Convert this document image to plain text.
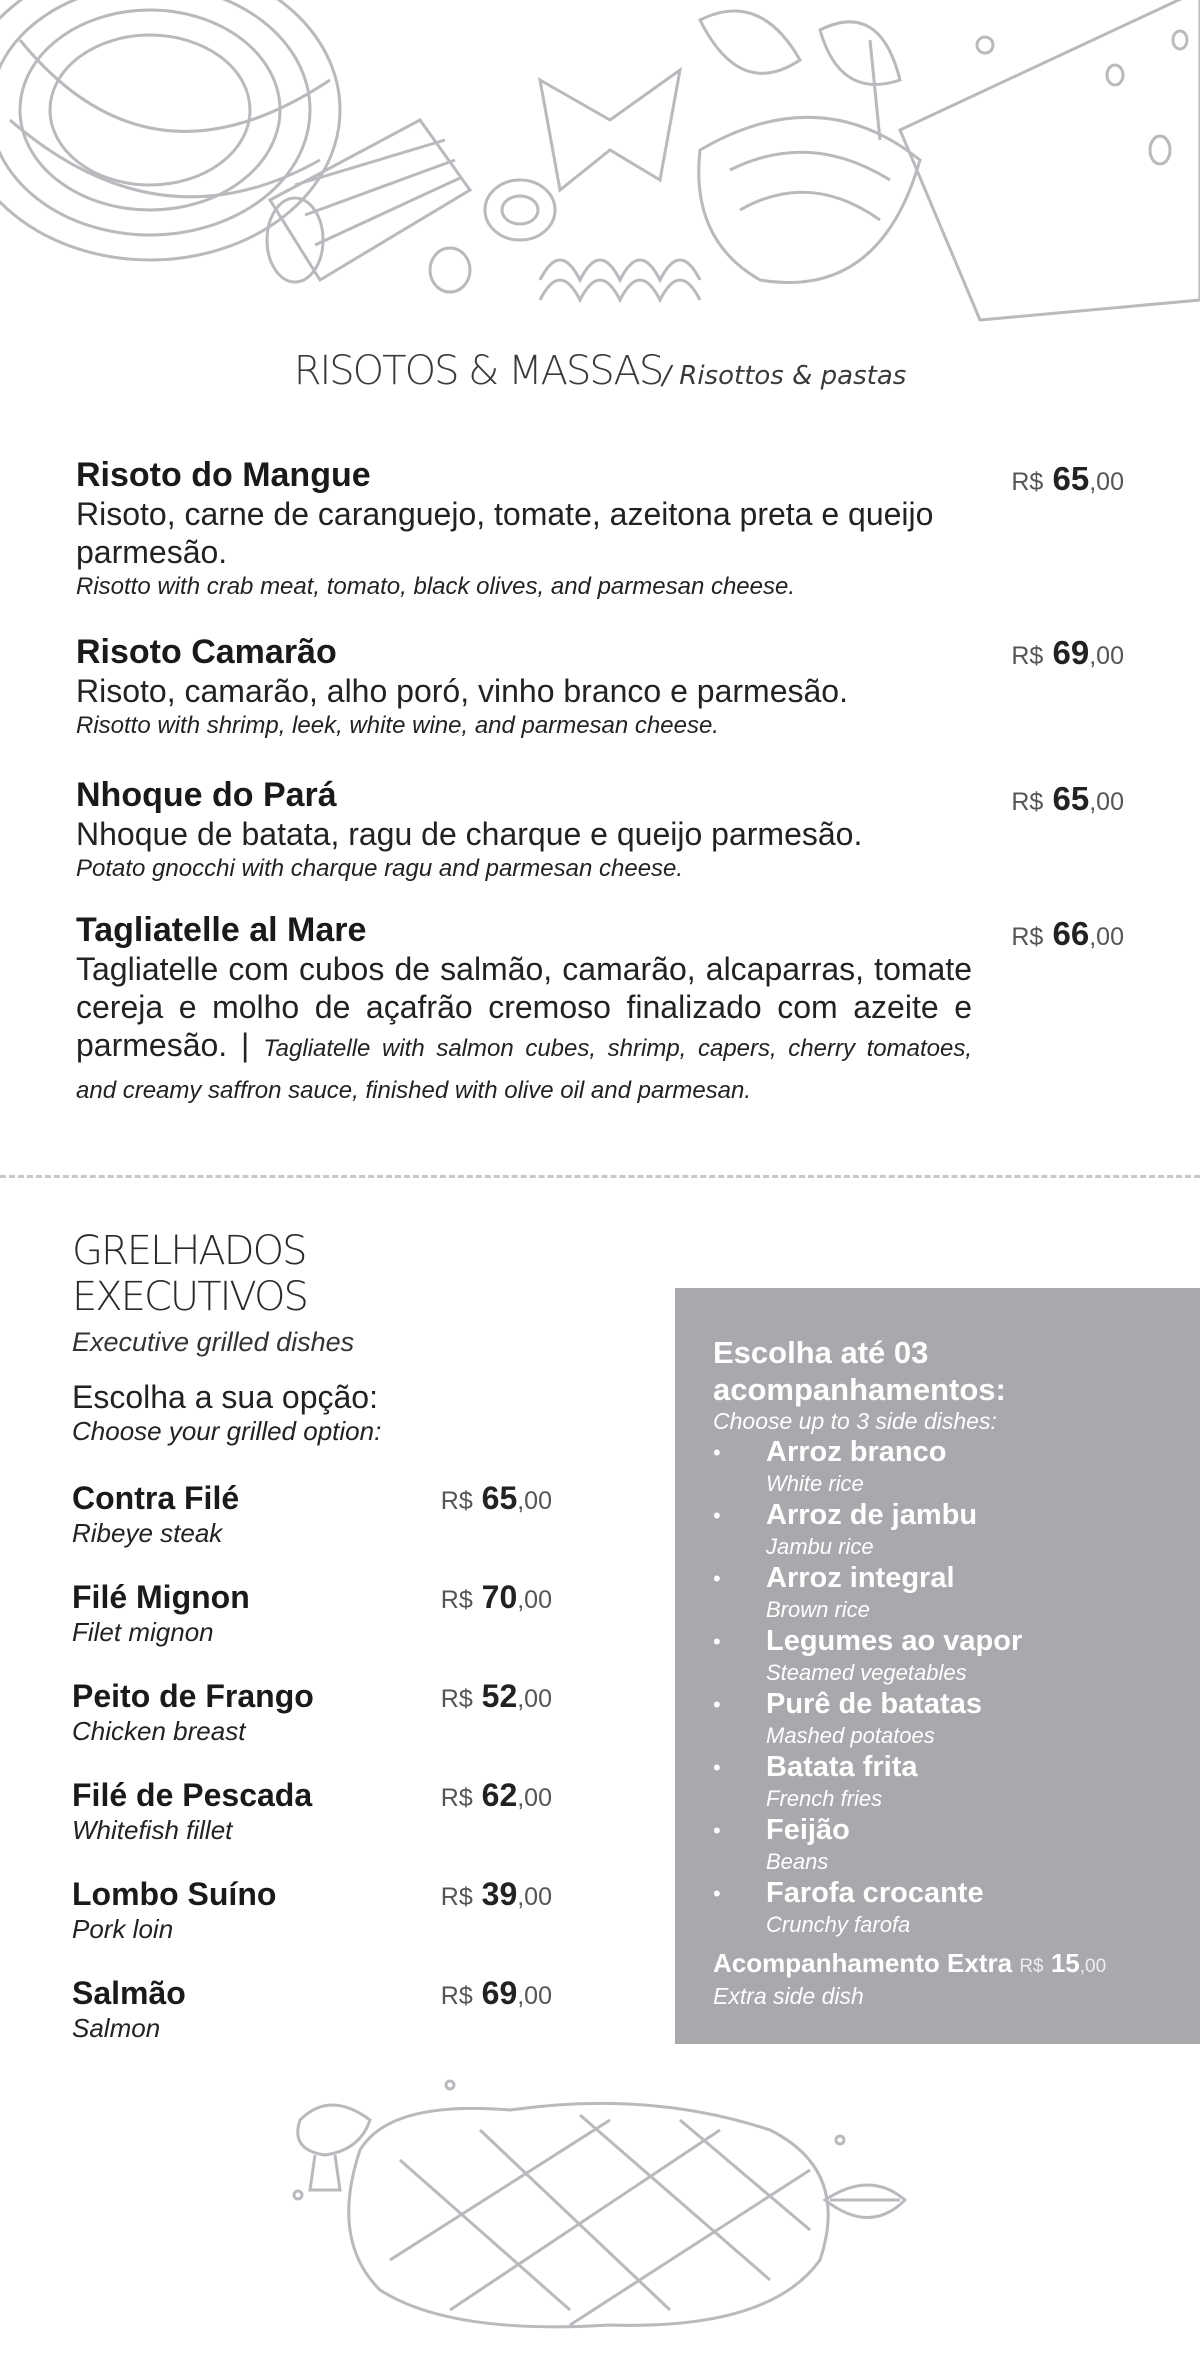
RISOTOS & MASSAS/ Risottos & pastas
Risoto do Mangue
Risoto, carne de caranguejo, tomate, azeitona preta e queijo parmesão.
Risotto with crab meat, tomato, black olives, and parmesan cheese.
R$ 65,00
Risoto Camarão
Risoto, camarão, alho poró, vinho branco e parmesão.
Risotto with shrimp, leek, white wine, and parmesan cheese.
R$ 69,00
Nhoque do Pará
Nhoque de batata, ragu de charque e queijo parmesão.
Potato gnocchi with charque ragu and parmesan cheese.
R$ 65,00
Tagliatelle al Mare
Tagliatelle com cubos de salmão, camarão, alcaparras, tomate cereja e molho de açafrão cremoso finalizado com azeite e parmesão. | Tagliatelle with salmon cubes, shrimp, capers, cherry tomatoes, and creamy saffron sauce, finished with olive oil and parmesan.
R$ 66,00
GRELHADOS
EXECUTIVOS
Executive grilled dishes
Escolha a sua opção:
Choose your grilled option:
Contra Filé
Ribeye steak
R$ 65,00
Filé Mignon
Filet mignon
R$ 70,00
Peito de Frango
Chicken breast
R$ 52,00
Filé de Pescada
Whitefish fillet
R$ 62,00
Lombo Suíno
Pork loin
R$ 39,00
Salmão
Salmon
R$ 69,00
Escolha até 03
acompanhamentos:
Choose up to 3 side dishes:
• Arroz branco
White rice
• Arroz de jambu
Jambu rice
• Arroz integral
Brown rice
• Legumes ao vapor
Steamed vegetables
• Purê de batatas
Mashed potatoes
• Batata frita
French fries
• Feijão
Beans
• Farofa crocante
Crunchy farofa
Acompanhamento Extra R$ 15,00
Extra side dish
